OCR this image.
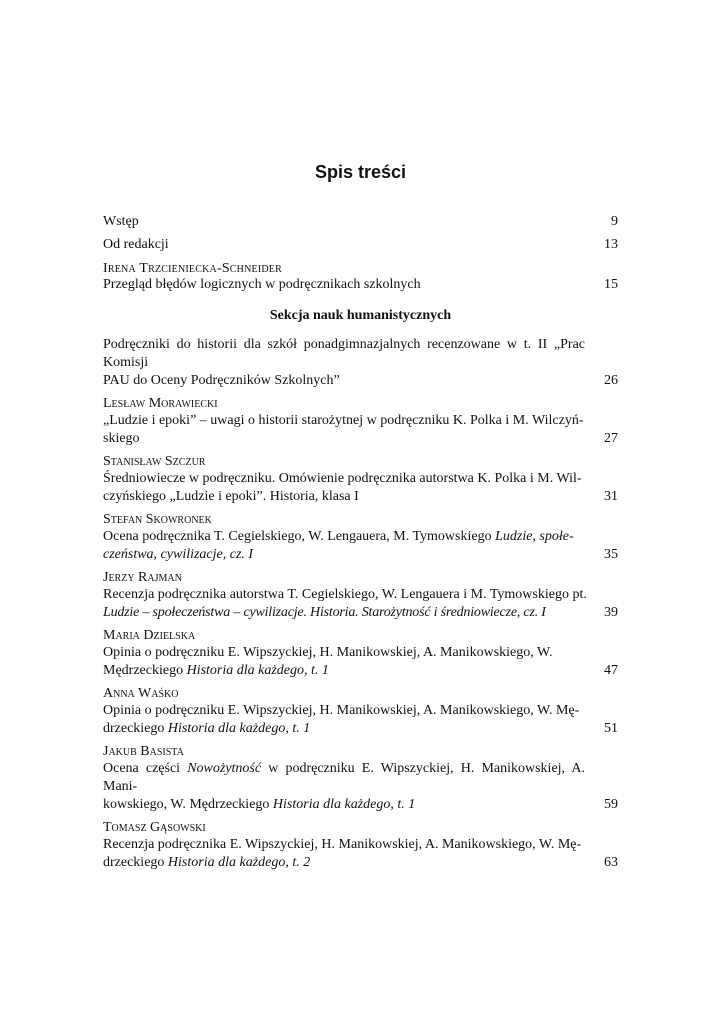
Spis treści
Wstęp	9
Od redakcji	13
Irena Trzcieniecka-Schneider
Przegląd błędów logicznych w podręcznikach szkolnych	15
Sekcja nauk humanistycznych
Podręczniki do historii dla szkół ponadgimnazjalnych recenzowane w t. II „Prac Komisji
PAU do Oceny Podręczników Szkolnych”	26
Lesław Morawiecki
„Ludzie i epoki” – uwagi o historii starożytnej w podręczniku K. Polka i M. Wilczyń-
skiego	27
Stanisław Szczur
Średniowiecze w podręczniku. Omówienie podręcznika autorstwa K. Polka i M. Wil-
czyńskiego „Ludzie i epoki”. Historia, klasa I	31
Stefan Skowronek
Ocena podręcznika T. Cegielskiego, W. Lengauera, M. Tymowskiego Ludzie, społe-
czeństwa, cywilizacje, cz. I	35
Jerzy Rajman
Recenzja podręcznika autorstwa T. Cegielskiego, W. Lengauera i M. Tymowskiego pt.
Ludzie – społeczeństwa – cywilizacje. Historia. Starożytność i średniowiecze, cz. I	39
Maria Dzielska
Opinia o podręczniku E. Wipszyckiej, H. Manikowskiej, A. Manikowskiego, W.
Mędrzeckiego Historia dla każdego, t. 1	47
Anna Waśko
Opinia o podręczniku E. Wipszyckiej, H. Manikowskiej, A. Manikowskiego, W. Mę-
drzeckiego Historia dla każdego, t. 1	51
Jakub Basista
Ocena części Nowożytność w podręczniku E. Wipszyckiej, H. Manikowskiej, A. Mani-
kowskiego, W. Mędrzeckiego Historia dla każdego, t. 1	59
Tomasz Gąsowski
Recenzja podręcznika E. Wipszyckiej, H. Manikowskiej, A. Manikowskiego, W. Mę-
drzeckiego Historia dla każdego, t. 2	63
